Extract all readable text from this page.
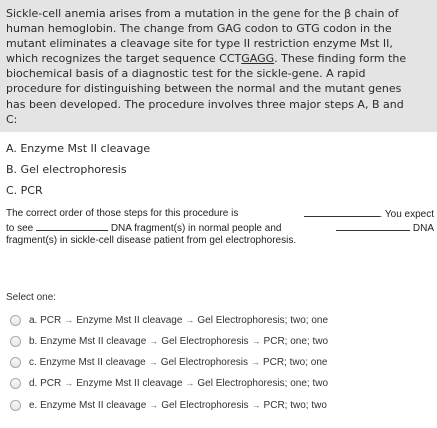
Sickle-cell anemia arises from a mutation in the gene for the β chain of
human hemoglobin. The change from GAG codon to GTG codon in the
mutant eliminates a cleavage site for type II restriction enzyme Mst II,
which recognizes the target sequence CCTGAGG. These finding form the
biochemical basis of a diagnostic test for the sickle-gene. A rapid
procedure for distinguishing between the normal and the mutant genes
has been developed. The procedure involves three major steps A, B and
C:
A. Enzyme Mst II cleavage
B. Gel electrophoresis
C. PCR
The correct order of those steps for this procedure is	. You expect
to see	DNA fragment(s) in normal people and	DNA
fragment(s) in sickle-cell disease patient from gel electrophoresis.
Select one:
a.
PCR → Enzyme Mst II cleavage → Gel Electrophoresis; two; one
b.
Enzyme Mst II cleavage → Gel Electrophoresis → PCR; one; two
c.
Enzyme Mst II cleavage → Gel Electrophoresis → PCR; two; one
d.
PCR → Enzyme Mst II cleavage → Gel Electrophoresis; one; two
e.
Enzyme Mst II cleavage → Gel Electrophoresis → PCR; two; two
